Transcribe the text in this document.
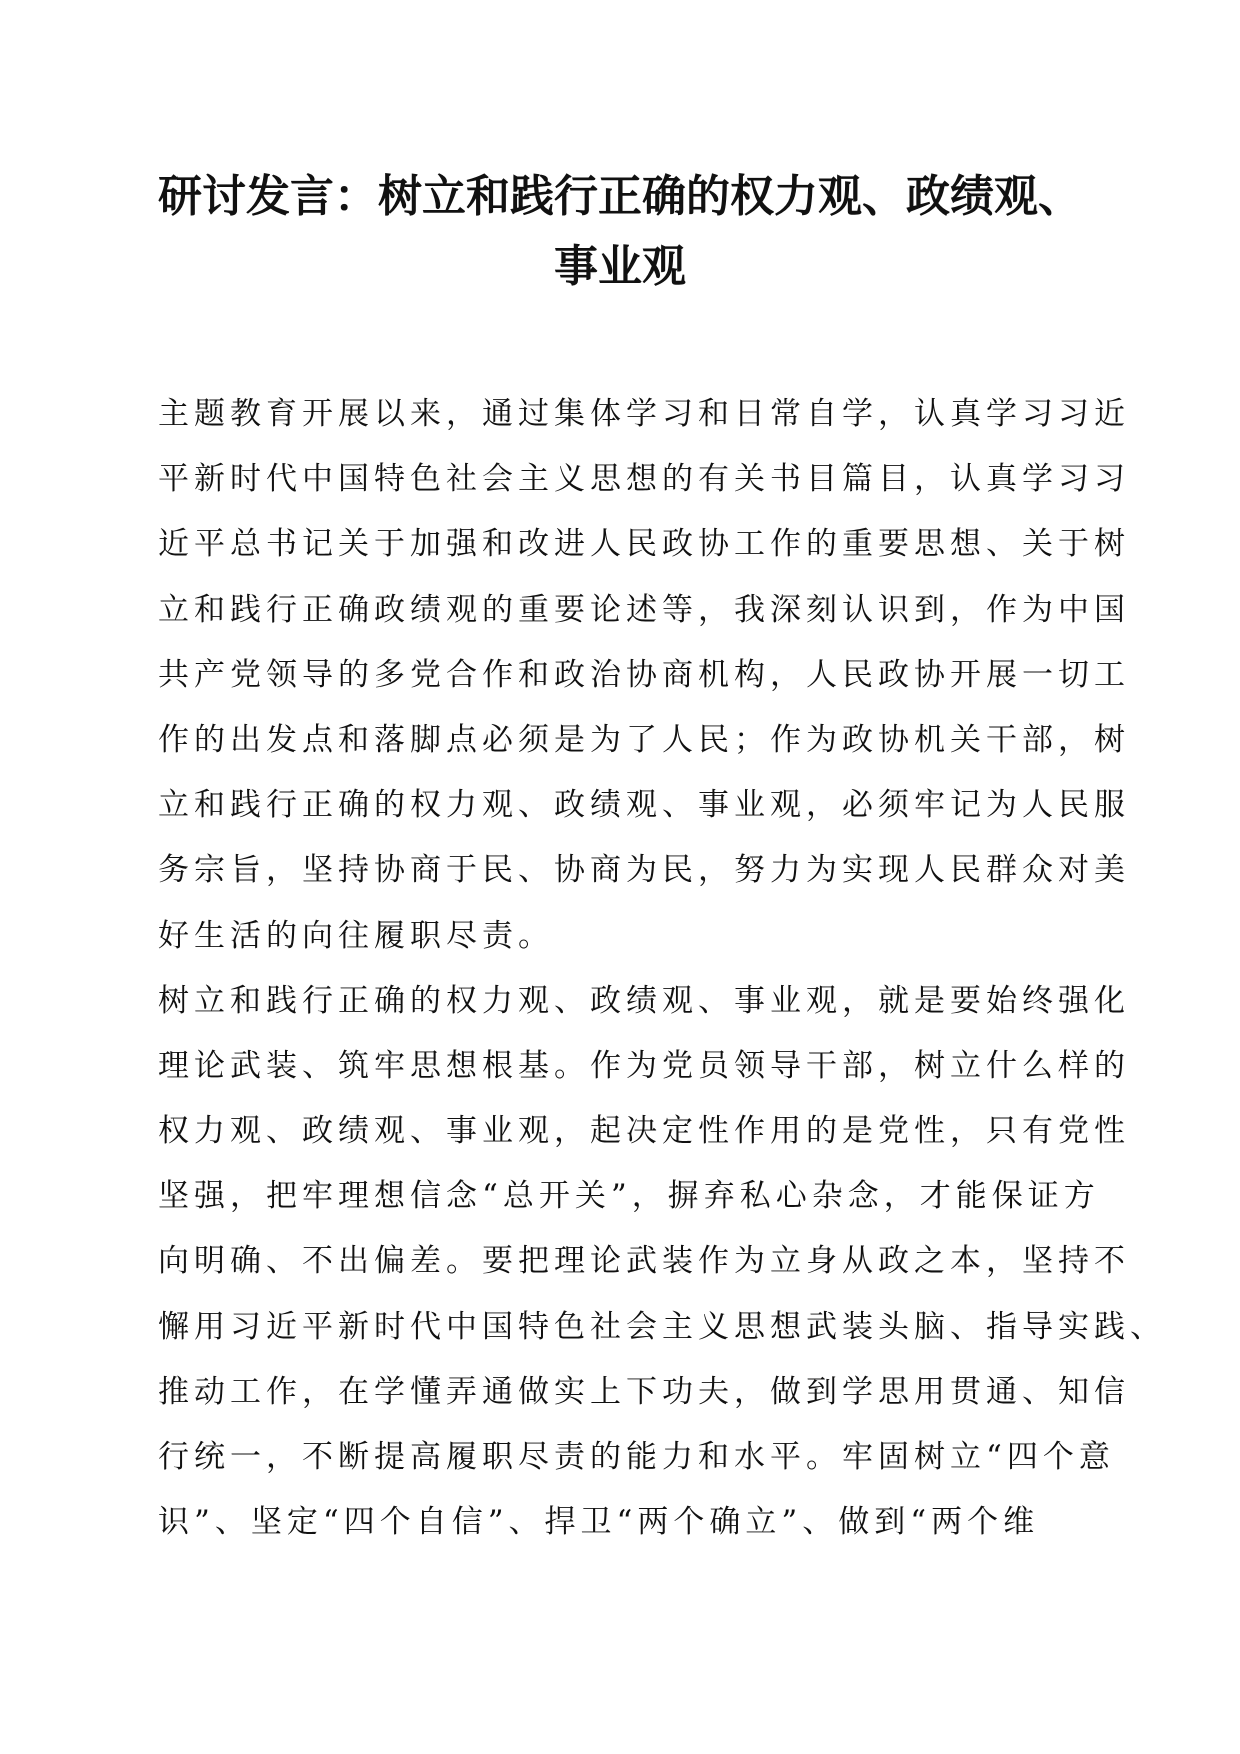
研讨发言：树立和践行正确的权力观、政绩观、
事业观
主题教育开展以来，通过集体学习和日常自学，认真学习习近
平新时代中国特色社会主义思想的有关书目篇目，认真学习习
近平总书记关于加强和改进人民政协工作的重要思想、关于树
立和践行正确政绩观的重要论述等，我深刻认识到，作为中国
共产党领导的多党合作和政治协商机构，人民政协开展一切工
作的出发点和落脚点必须是为了人民；作为政协机关干部，树
立和践行正确的权力观、政绩观、事业观，必须牢记为人民服
务宗旨，坚持协商于民、协商为民，努力为实现人民群众对美
好生活的向往履职尽责。
树立和践行正确的权力观、政绩观、事业观，就是要始终强化
理论武装、筑牢思想根基。作为党员领导干部，树立什么样的
权力观、政绩观、事业观，起决定性作用的是党性，只有党性
坚强，把牢理想信念“总开关”，摒弃私心杂念，才能保证方
向明确、不出偏差。要把理论武装作为立身从政之本，坚持不
懈用习近平新时代中国特色社会主义思想武装头脑、指导实践、
推动工作，在学懂弄通做实上下功夫，做到学思用贯通、知信
行统一，不断提高履职尽责的能力和水平。牢固树立“四个意
识”、坚定“四个自信”、捍卫“两个确立”、做到“两个维
